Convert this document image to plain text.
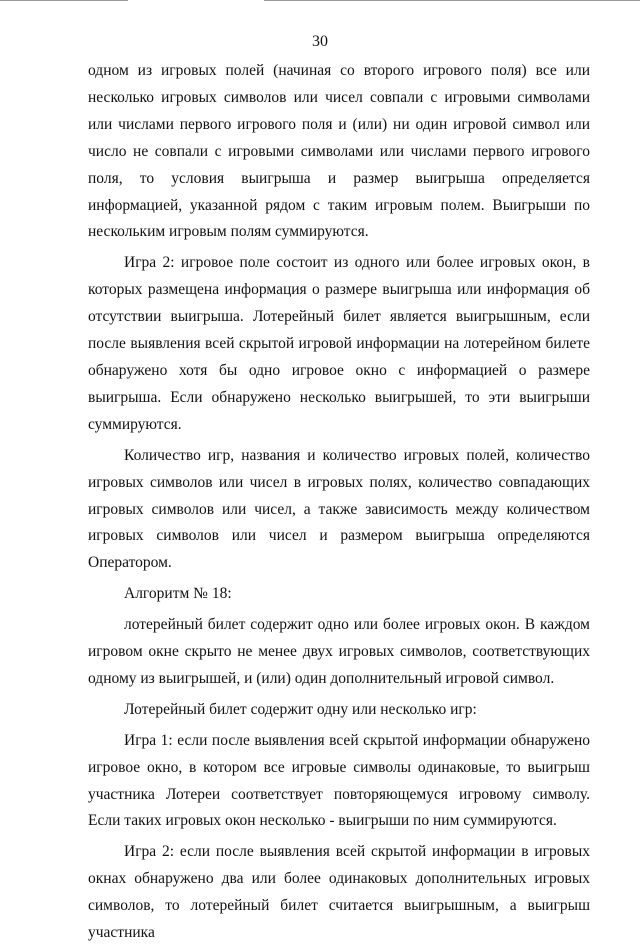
30

одном из игровых полей (начиная со второго игрового поля) все или несколько игровых символов или чисел совпали с игровыми символами или числами первого игрового поля и (или) ни один игровой символ или число не совпали с игровыми символами или числами первого игрового поля, то условия выигрыша и размер выигрыша определяется информацией, указанной рядом с таким игровым полем. Выигрыши по нескольким игровым полям суммируются.

Игра 2: игровое поле состоит из одного или более игровых окон, в которых размещена информация о размере выигрыша или информация об отсутствии выигрыша. Лотерейный билет является выигрышным, если после выявления всей скрытой игровой информации на лотерейном билете обнаружено хотя бы одно игровое окно с информацией о размере выигрыша. Если обнаружено несколько выигрышей, то эти выигрыши суммируются.

Количество игр, названия и количество игровых полей, количество игровых символов или чисел в игровых полях, количество совпадающих игровых символов или чисел, а также зависимость между количеством игровых символов или чисел и размером выигрыша определяются Оператором.

Алгоритм № 18:

лотерейный билет содержит одно или более игровых окон. В каждом игровом окне скрыто не менее двух игровых символов, соответствующих одному из выигрышей, и (или) один дополнительный игровой символ.

Лотерейный билет содержит одну или несколько игр:

Игра 1: если после выявления всей скрытой информации обнаружено игровое окно, в котором все игровые символы одинаковые, то выигрыш участника Лотереи соответствует повторяющемуся игровому символу. Если таких игровых окон несколько - выигрыши по ним суммируются.

Игра 2: если после выявления всей скрытой информации в игровых окнах обнаружено два или более одинаковых дополнительных игровых символов, то лотерейный билет считается выигрышным, а выигрыш участника
